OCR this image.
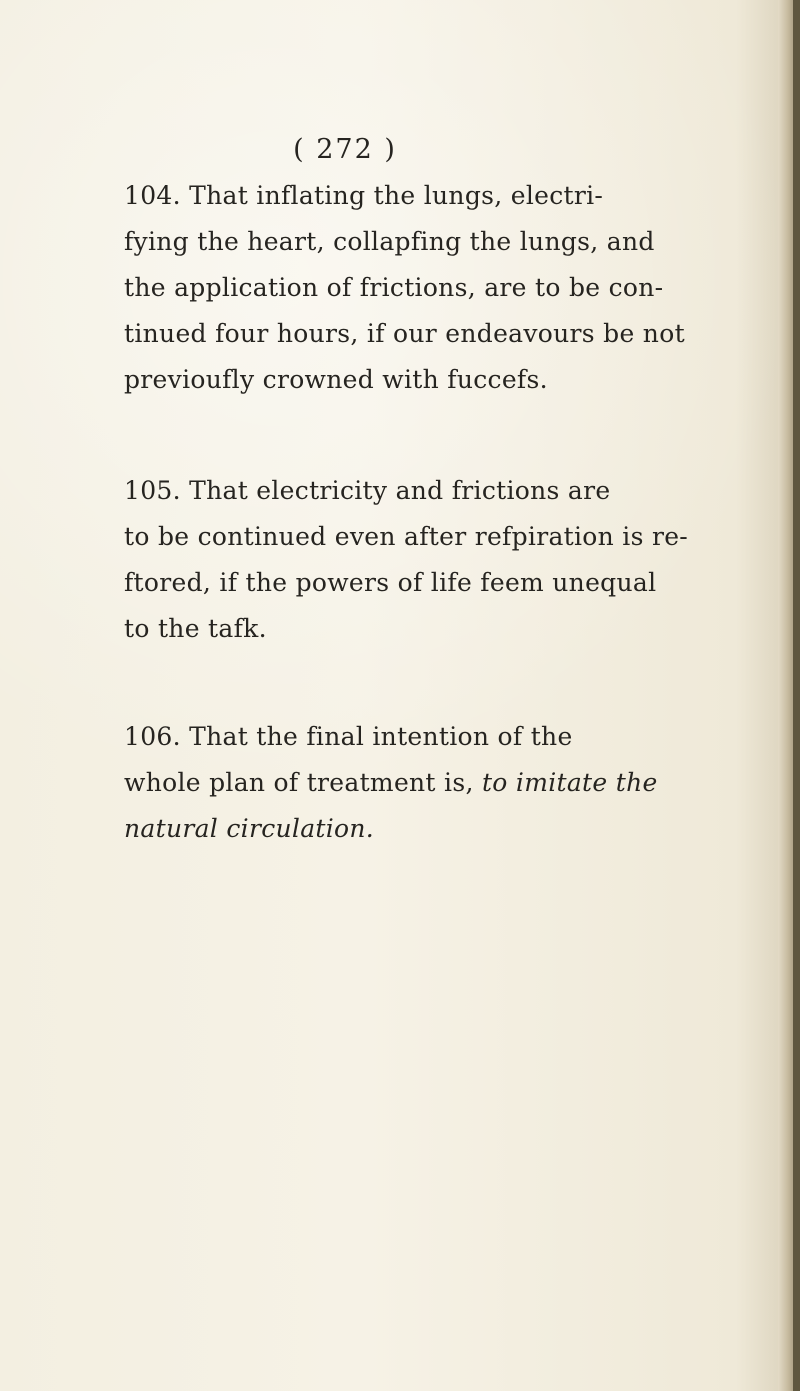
( 272 )

104. That inflating the lungs, electri-
fying the heart, collapfing the lungs, and
the application of frictions, are to be con-
tinued four hours, if our endeavours be not
previoufly crowned with fuccefs.

105. That electricity and frictions are
to be continued even after refpiration is re-
ftored, if the powers of life feem unequal
to the tafk.

106. That the final intention of the
whole plan of treatment is, to imitate the
natural circulation.
